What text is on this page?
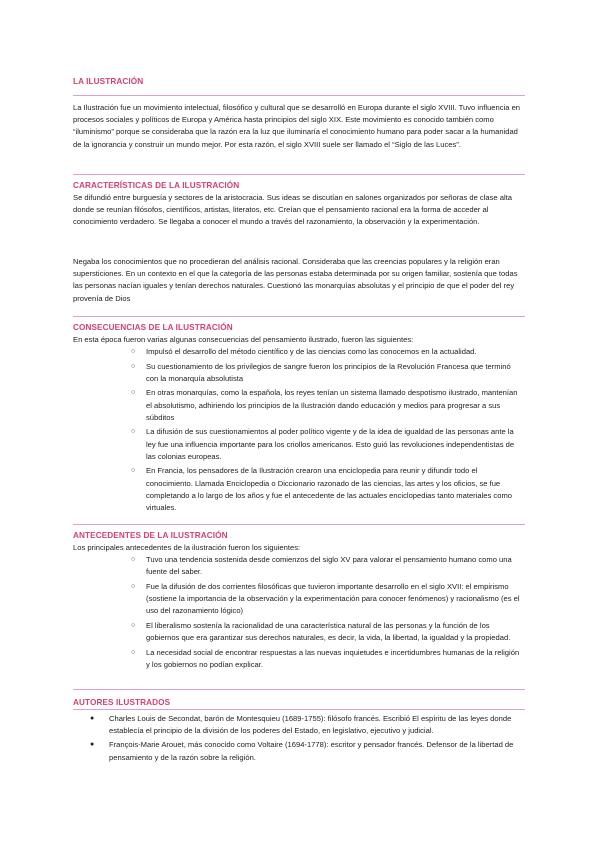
LA ILUSTRACIÓN

La Ilustración fue un movimiento intelectual, filosófico y cultural que se desarrolló en Europa durante el siglo XVIII. Tuvo influencia en procesos sociales y políticos de Europa y América hasta principios del siglo XIX. Este movimiento es conocido también como “iluminismo” porque se consideraba que la razón era la luz que iluminaría el conocimiento humano para poder sacar a la humanidad de la ignorancia y construir un mundo mejor. Por esta razón, el siglo XVIII suele ser llamado el “Siglo de las Luces”.

CARACTERÍSTICAS DE LA ILUSTRACIÓN

Se difundió entre burguesía y sectores de la aristocracia. Sus ideas se discutían en salones organizados por señoras de clase alta donde se reunían filósofos, científicos, artistas, literatos, etc. Creían que el pensamiento racional era la forma de acceder al conocimiento verdadero. Se llegaba a conocer el mundo a través del razonamiento, la observación y la experimentación.

Negaba los conocimientos que no procedieran del análisis racional. Consideraba que las creencias populares y la religión eran supersticiones. En un contexto en el que la categoría de las personas estaba determinada por su origen familiar, sostenía que todas las personas nacían iguales y tenían derechos naturales. Cuestionó las monarquías absolutas y el principio de que el poder del rey provenía de Dios

CONSECUENCIAS DE LA ILUSTRACIÓN

En esta época fueron varias algunas consecuencias del pensamiento ilustrado, fueron las siguientes:

○ Impulsó el desarrollo del método científico y de las ciencias como las conocemos en la actualidad.
○ Su cuestionamiento de los privilegios de sangre fueron los principios de la Revolución Francesa que terminó con la monarquía absolutista
○ En otras monarquías, como la española, los reyes tenían un sistema llamado despotismo ilustrado, mantenían el absolutismo, adhiriendo los principios de la Ilustración dando educación y medios para progresar a sus súbditos
○ La difusión de sus cuestionamientos al poder político vigente y de la idea de igualdad de las personas ante la ley fue una influencia importante para los criollos americanos. Esto guió las revoluciones independentistas de las colonias europeas.
○ En Francia, los pensadores de la Ilustración crearon una enciclopedia para reunir y difundir todo el conocimiento. Llamada Enciclopedia o Diccionario razonado de las ciencias, las artes y los oficios, se fue completando a lo largo de los años y fue el antecedente de las actuales enciclopedias tanto materiales como virtuales.
ANTECEDENTES DE LA ILUSTRACIÓN

Los principales antecedentes de la ilustración fueron los siguientes:

○ Tuvo una tendencia sostenida desde comienzos del siglo XV para valorar el pensamiento humano como una fuente del saber.
○ Fue la difusión de dos corrientes filosóficas que tuvieron importante desarrollo en el siglo XVII: el empirismo (sostiene la importancia de la observación y la experimentación para conocer fenómenos) y racionalismo (es el uso del razonamiento lógico)
○ El liberalismo sostenía la racionalidad de una característica natural de las personas y la función de los gobiernos que era garantizar sus derechos naturales, es decir, la vida, la libertad, la igualdad y la propiedad.
○ La necesidad social de encontrar respuestas a las nuevas inquietudes e incertidumbres humanas de la religión y los gobiernos no podían explicar.
AUTORES ILUSTRADOS
● Charles Louis de Secondat, barón de Montesquieu (1689-1755): filósofo francés. Escribió El espíritu de las leyes donde establecía el principio de la división de los poderes del Estado, en legislativo, ejecutivo y judicial.
● François-Marie Arouet, más conocido como Voltaire (1694-1778): escritor y pensador francés. Defensor de la libertad de pensamiento y de la razón sobre la religión.
